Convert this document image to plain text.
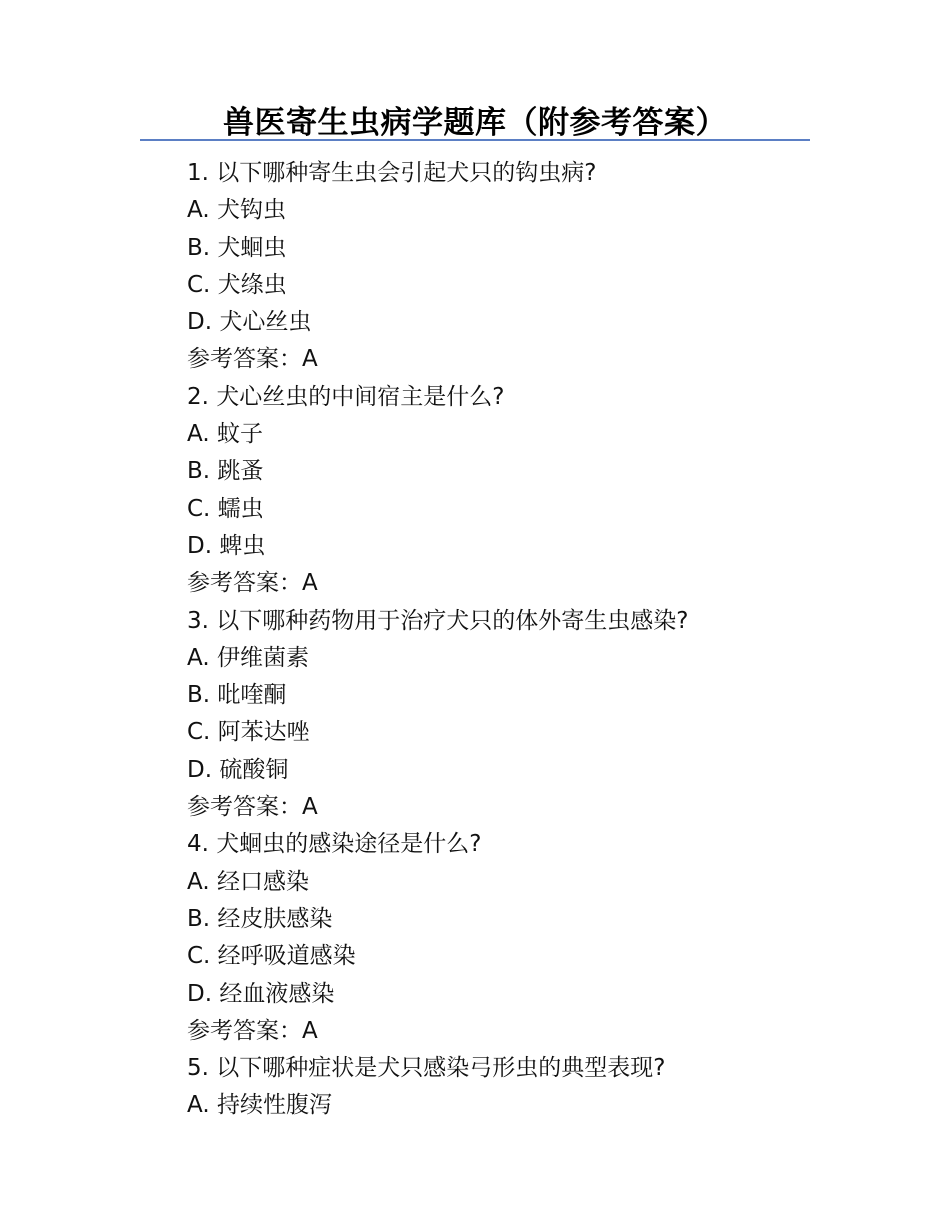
兽医寄生虫病学题库（附参考答案）
1. 以下哪种寄生虫会引起犬只的钩虫病?
A. 犬钩虫
B. 犬蛔虫
C. 犬绦虫
D. 犬心丝虫
参考答案：A
2. 犬心丝虫的中间宿主是什么?
A. 蚊子
B. 跳蚤
C. 蠕虫
D. 蜱虫
参考答案：A
3. 以下哪种药物用于治疗犬只的体外寄生虫感染?
A. 伊维菌素
B. 吡喹酮
C. 阿苯达唑
D. 硫酸铜
参考答案：A
4. 犬蛔虫的感染途径是什么?
A. 经口感染
B. 经皮肤感染
C. 经呼吸道感染
D. 经血液感染
参考答案：A
5. 以下哪种症状是犬只感染弓形虫的典型表现?
A. 持续性腹泻
